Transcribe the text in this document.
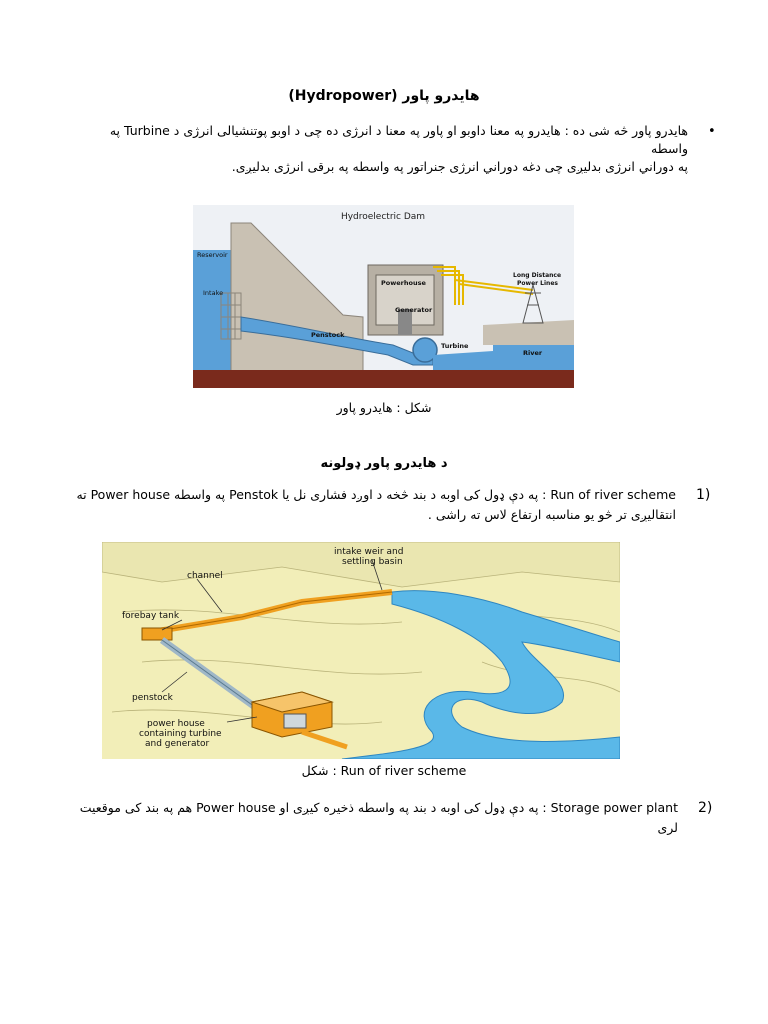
هایدرو پاور (Hydropower)
•
هایدرو پاور څه شی ده : هایدرو په معنا داوبو او پاور په معنا د انرژی ده چی د اوبو پوتنشیالی انرژی د Turbine په واسطه
په دوراني انرژی بدلیږی چی دغه دوراني انرژی جنراتور په واسطه په برقی انرژی بدلیږی.
Hydroelectric Dam
Reservoir
Intake
Powerhouse
Generator
Penstock
Turbine
River
Long Distance
Power Lines
شکل : هایدرو پاور
د هایدرو پاور ډولونه
1)
Run of river scheme : په دې ډول کی اوبه د بند څخه د اوږد فشاری نل یا Penstok په واسطه Power house ته
انتقالیږی تر څو یو مناسبه ارتفاع لاس ته راشی .
intake weir and
settling basin
channel
forebay tank
penstock
power house
containing turbine
and generator
Run of river scheme : شکل
2)
Storage power plant : په دې ډول کی اوبه د بند په واسطه ذخیره کیږی او Power house هم په بند کی موقعیت
لری
